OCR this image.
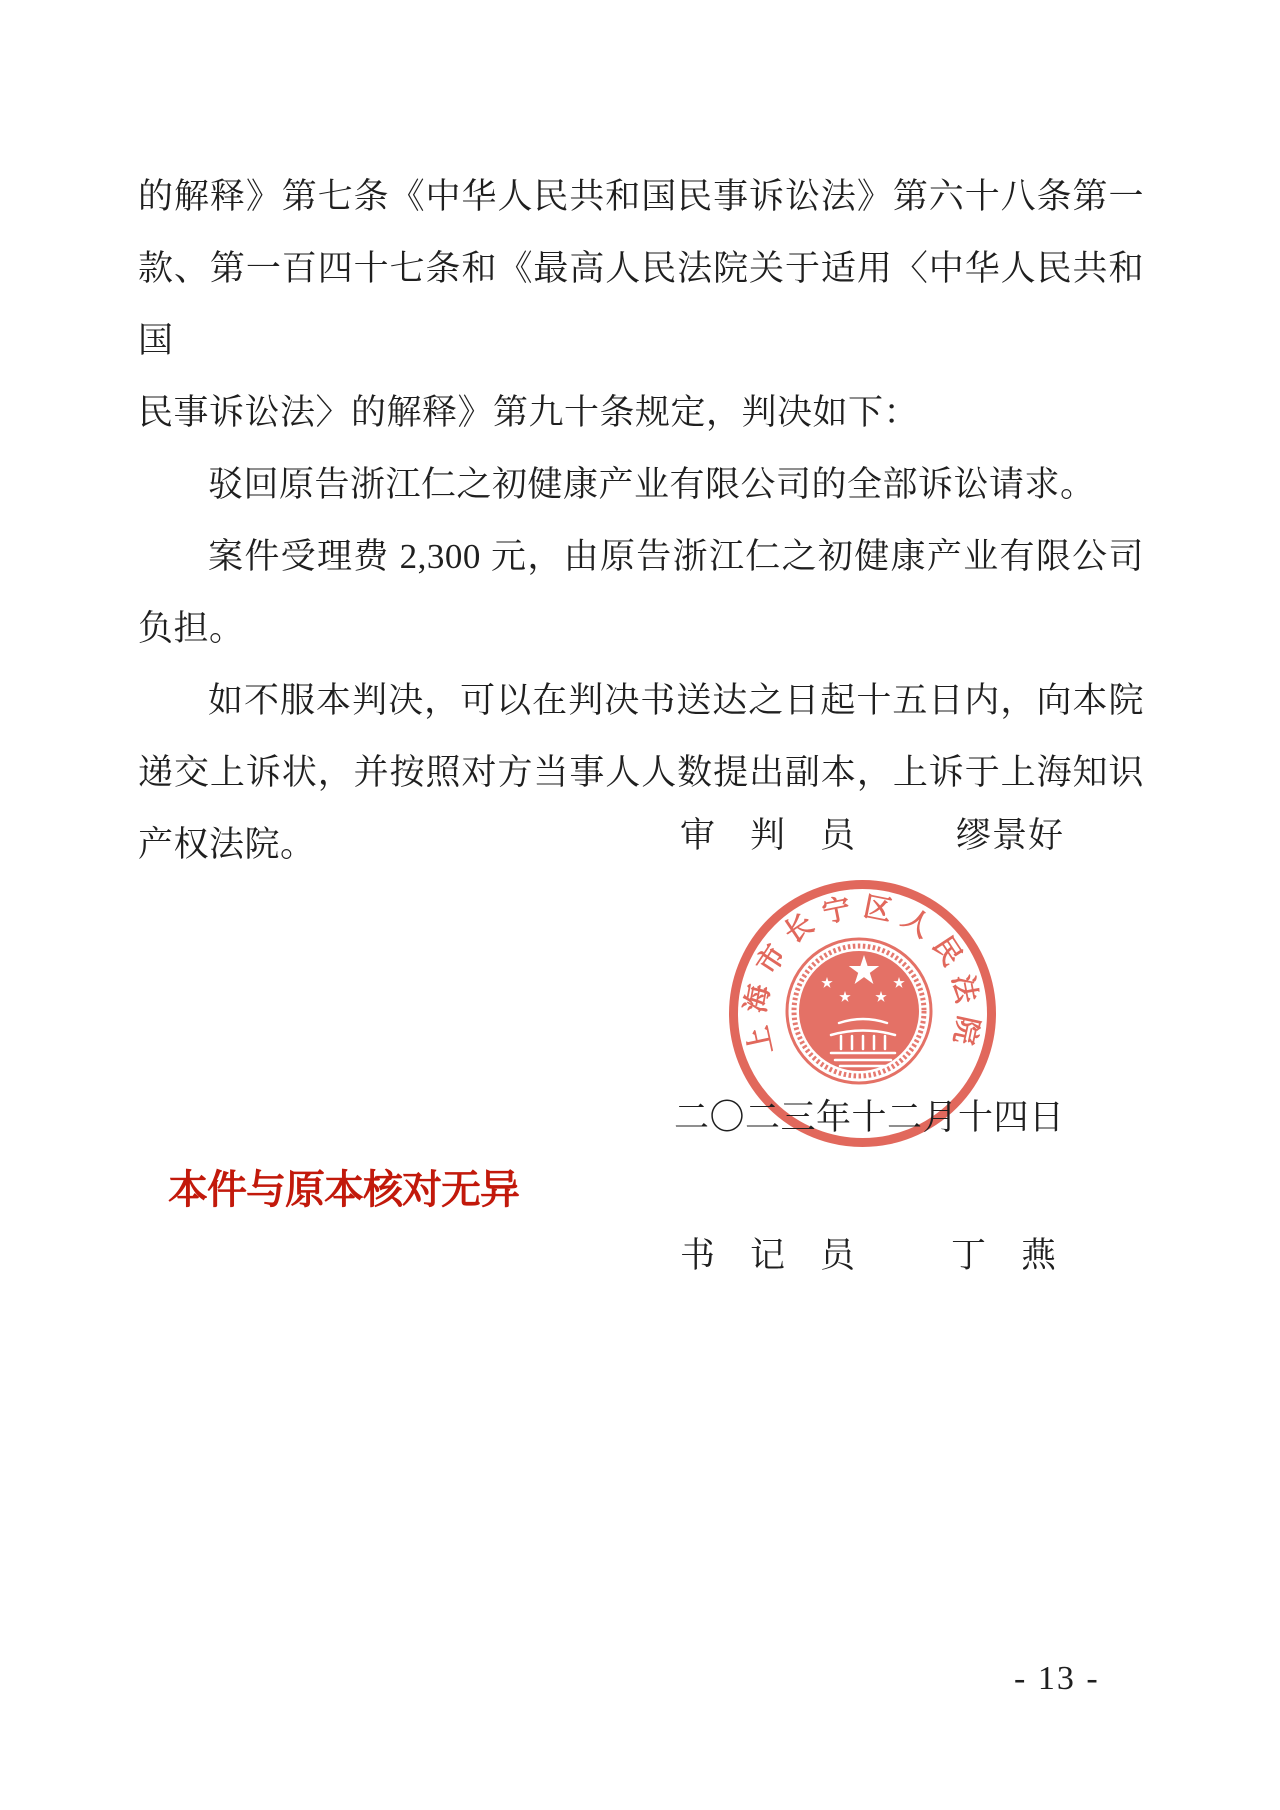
的解释》第七条《中华人民共和国民事诉讼法》第六十八条第一
款、第一百四十七条和《最高人民法院关于适用〈中华人民共和国
民事诉讼法〉的解释》第九十条规定，判决如下：
驳回原告浙江仁之初健康产业有限公司的全部诉讼请求。
案件受理费 2,300 元，由原告浙江仁之初健康产业有限公司
负担。
如不服本判决，可以在判决书送达之日起十五日内，向本院
递交上诉状，并按照对方当事人人数提出副本，上诉于上海知识
产权法院。	审　判　员	缪景好
上海市长宁区人民法院
二〇二三年十二月十四日
本件与原本核对无异
书　记　员	丁　燕
- 13 -
